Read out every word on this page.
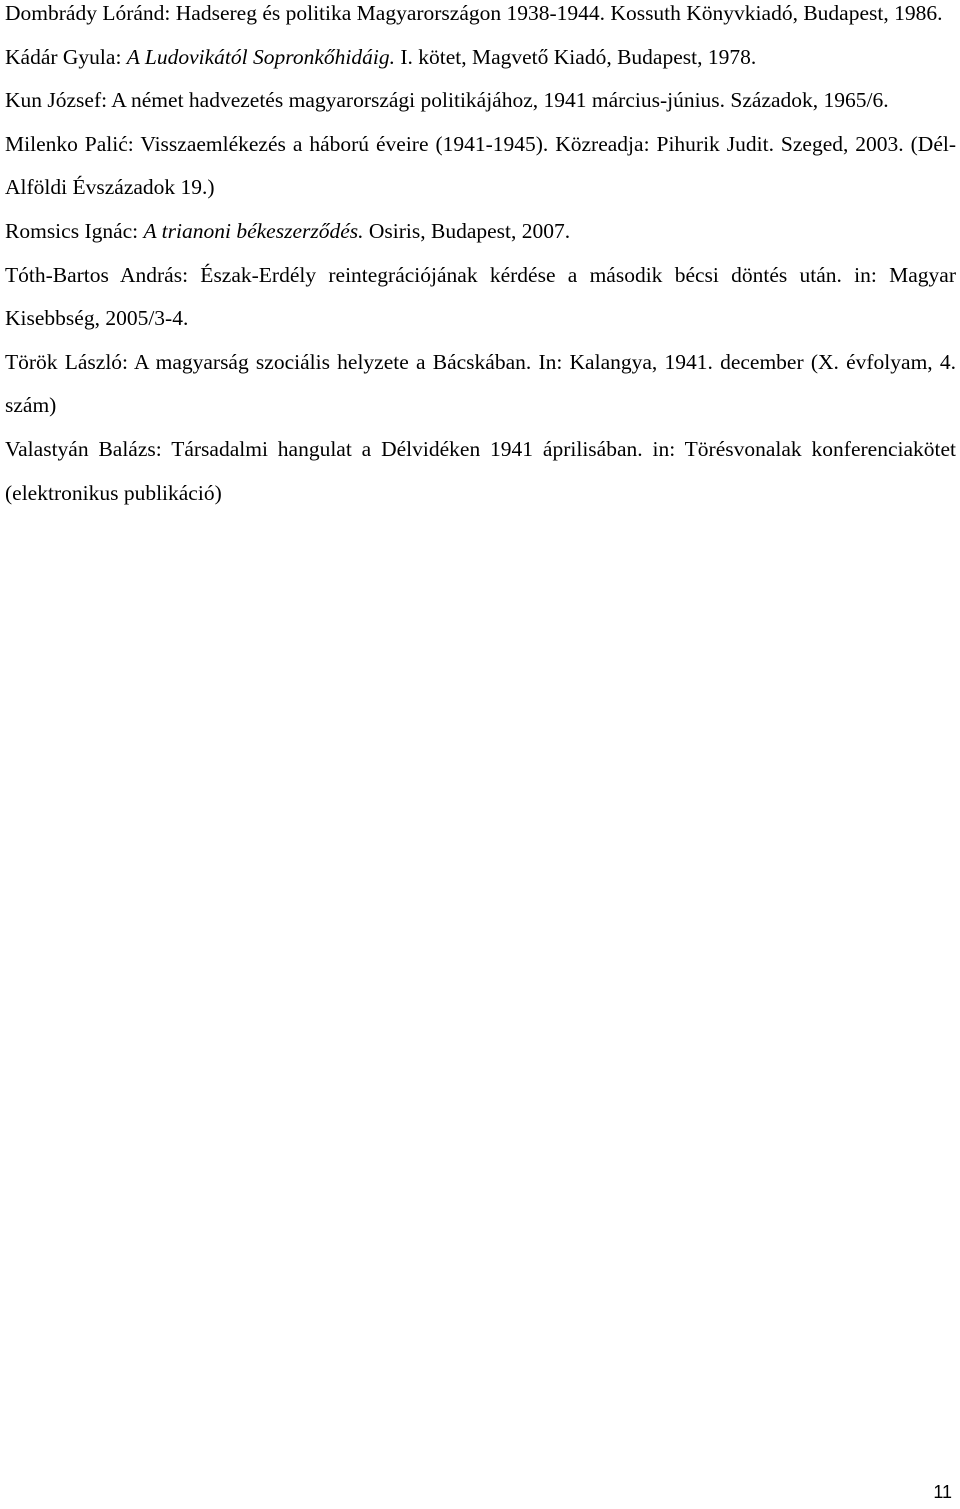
Dombrády Lóránd: Hadsereg és politika Magyarországon 1938-1944. Kossuth Könyvkiadó, Budapest, 1986.

Kádár Gyula: A Ludovikától Sopronkőhidáig. I. kötet, Magvető Kiadó, Budapest, 1978.

Kun József: A német hadvezetés magyarországi politikájához, 1941 március-június. Századok, 1965/6.

Milenko Palić: Visszaemlékezés a háború éveire (1941-1945). Közreadja: Pihurik Judit. Szeged, 2003. (Dél-Alföldi Évszázadok 19.)

Romsics Ignác: A trianoni békeszerződés. Osiris, Budapest, 2007.

Tóth-Bartos András: Észak-Erdély reintegrációjának kérdése a második bécsi döntés után. in: Magyar Kisebbség, 2005/3-4.

Török László: A magyarság szociális helyzete a Bácskában. In: Kalangya, 1941. december (X. évfolyam, 4. szám)

Valastyán Balázs: Társadalmi hangulat a Délvidéken 1941 áprilisában. in: Törésvonalak konferenciakötet (elektronikus publikáció)

11
